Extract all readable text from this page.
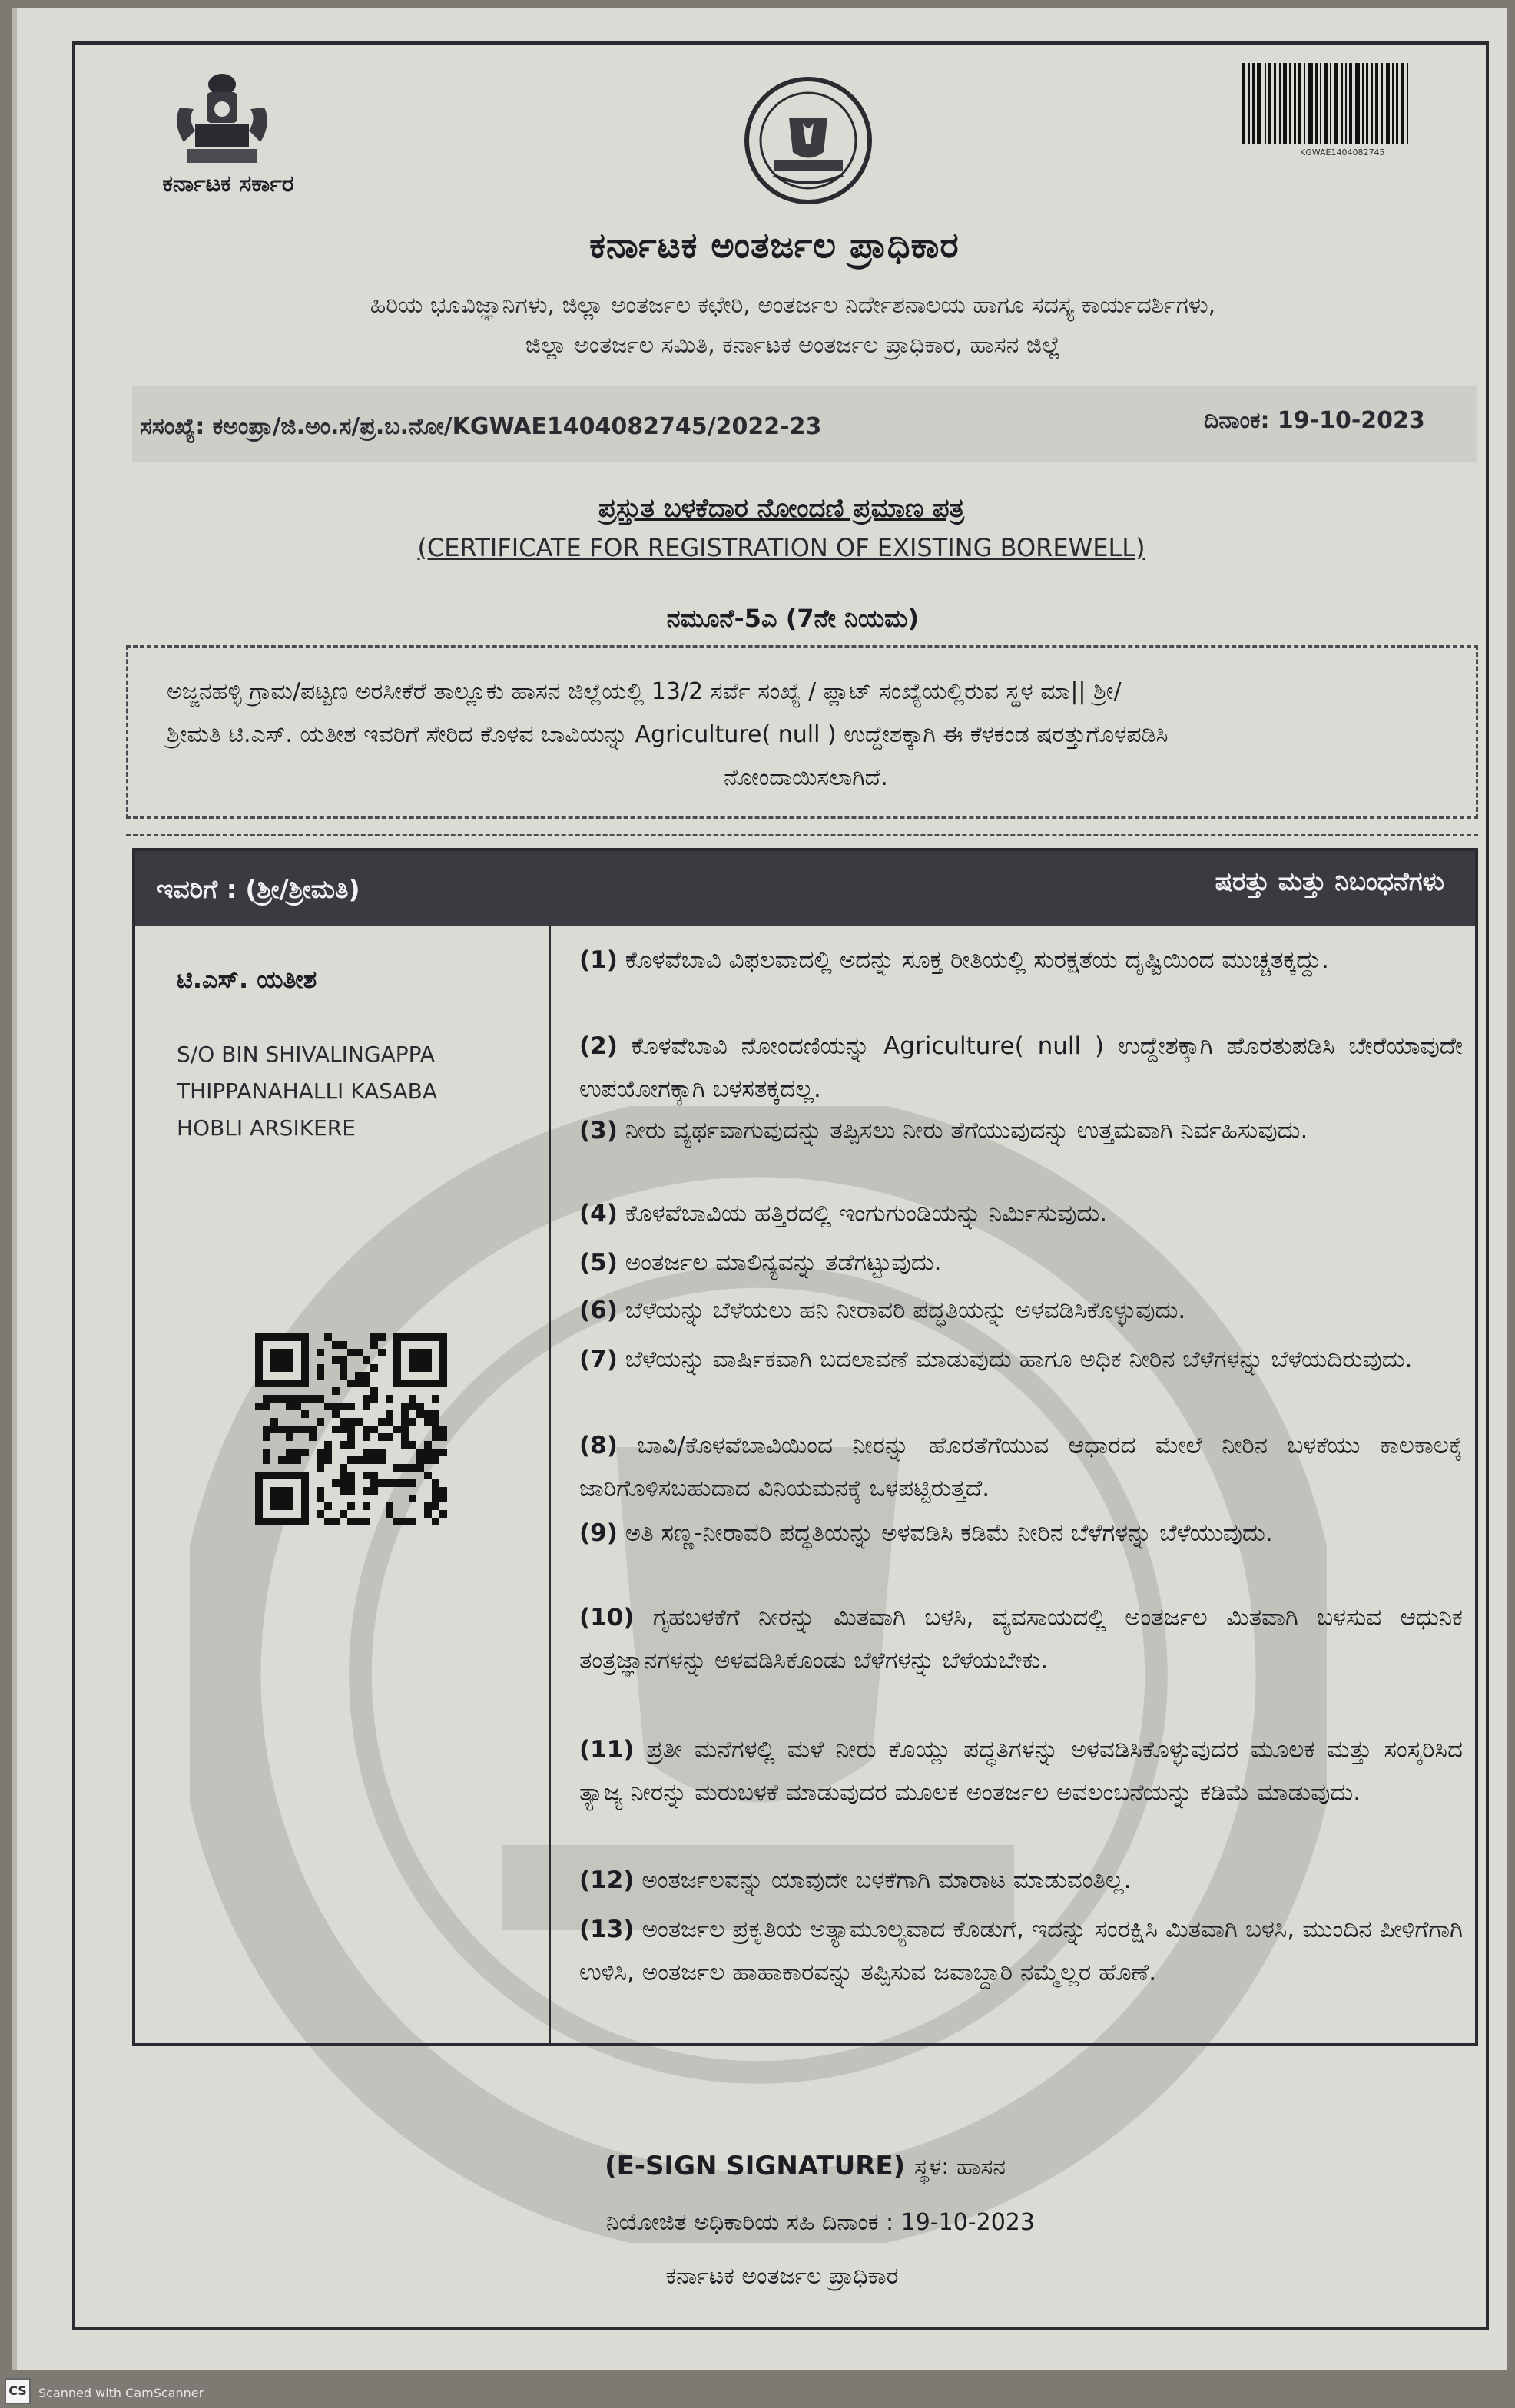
ಕರ್ನಾಟಕ ಸರ್ಕಾರ
KGWAE1404082745
ಕರ್ನಾಟಕ ಅಂತರ್ಜಲ ಪ್ರಾಧಿಕಾರ
ಹಿರಿಯ ಭೂವಿಜ್ಞಾನಿಗಳು, ಜಿಲ್ಲಾ ಅಂತರ್ಜಲ ಕಛೇರಿ, ಅಂತರ್ಜಲ ನಿರ್ದೇಶನಾಲಯ ಹಾಗೂ ಸದಸ್ಯ ಕಾರ್ಯದರ್ಶಿಗಳು,
ಜಿಲ್ಲಾ ಅಂತರ್ಜಲ ಸಮಿತಿ, ಕರ್ನಾಟಕ ಅಂತರ್ಜಲ ಪ್ರಾಧಿಕಾರ, ಹಾಸನ ಜಿಲ್ಲೆ
ಸಸಂಖ್ಯೆ: ಕಅಂಪ್ರಾ/ಜಿ.ಅಂ.ಸ/ಪ್ರ.ಬ.ನೋ/KGWAE1404082745/2022-23	ದಿನಾಂಕ: 19-10-2023
ಪ್ರಸ್ತುತ ಬಳಕೆದಾರ ನೋಂದಣಿ ಪ್ರಮಾಣ ಪತ್ರ
(CERTIFICATE FOR REGISTRATION OF EXISTING BOREWELL)
ನಮೂನೆ-5ಎ (7ನೇ ನಿಯಮ)
ಅಜ್ಜನಹಳ್ಳಿ ಗ್ರಾಮ/ಪಟ್ಟಣ ಅರಸೀಕೆರೆ ತಾಲ್ಲೂಕು ಹಾಸನ ಜಿಲ್ಲೆಯಲ್ಲಿ 13/2 ಸರ್ವೆ ಸಂಖ್ಯೆ / ಪ್ಲಾಟ್ ಸಂಖ್ಯೆಯಲ್ಲಿರುವ ಸ್ಥಳ ಮಾ|| ಶ್ರೀ/
ಶ್ರೀಮತಿ ಟಿ.ಎಸ್. ಯತೀಶ ಇವರಿಗೆ ಸೇರಿದ ಕೊಳವ ಬಾವಿಯನ್ನು Agriculture( null ) ಉದ್ದೇಶಕ್ಕಾಗಿ ಈ ಕೆಳಕಂಡ ಷರತ್ತುಗೊಳಪಡಿಸಿ
ನೋಂದಾಯಿಸಲಾಗಿದೆ.
ಇವರಿಗೆ : (ಶ್ರೀ/ಶ್ರೀಮತಿ)	ಷರತ್ತು ಮತ್ತು ನಿಬಂಧನೆಗಳು
ಟಿ.ಎಸ್. ಯತೀಶ
S/O BIN SHIVALINGAPPA
THIPPANAHALLI KASABA
HOBLI ARSIKERE
(1) ಕೊಳವೆಬಾವಿ ವಿಫಲವಾದಲ್ಲಿ ಅದನ್ನು ಸೂಕ್ತ ರೀತಿಯಲ್ಲಿ ಸುರಕ್ಷತೆಯ ದೃಷ್ಟಿಯಿಂದ ಮುಚ್ಚತಕ್ಕದ್ದು.
(2) ಕೊಳವೆಬಾವಿ ನೋಂದಣಿಯನ್ನು Agriculture( null ) ಉದ್ದೇಶಕ್ಕಾಗಿ ಹೊರತುಪಡಿಸಿ ಬೇರೆಯಾವುದೇ ಉಪಯೋಗಕ್ಕಾಗಿ ಬಳಸತಕ್ಕದಲ್ಲ.
(3) ನೀರು ವ್ಯರ್ಥವಾಗುವುದನ್ನು ತಪ್ಪಿಸಲು ನೀರು ತೆಗೆಯುವುದನ್ನು ಉತ್ತಮವಾಗಿ ನಿರ್ವಹಿಸುವುದು.
(4) ಕೊಳವೆಬಾವಿಯ ಹತ್ತಿರದಲ್ಲಿ ಇಂಗುಗುಂಡಿಯನ್ನು ನಿರ್ಮಿಸುವುದು.
(5) ಅಂತರ್ಜಲ ಮಾಲಿನ್ಯವನ್ನು ತಡೆಗಟ್ಟುವುದು.
(6) ಬೆಳೆಯನ್ನು ಬೆಳೆಯಲು ಹನಿ ನೀರಾವರಿ ಪದ್ಧತಿಯನ್ನು ಅಳವಡಿಸಿಕೊಳ್ಳುವುದು.
(7) ಬೆಳೆಯನ್ನು ವಾರ್ಷಿಕವಾಗಿ ಬದಲಾವಣೆ ಮಾಡುವುದು ಹಾಗೂ ಅಧಿಕ ನೀರಿನ ಬೆಳೆಗಳನ್ನು ಬೆಳೆಯದಿರುವುದು.
(8) ಬಾವಿ/ಕೊಳವೆಬಾವಿಯಿಂದ ನೀರನ್ನು ಹೊರತೆಗೆಯುವ ಆಧಾರದ ಮೇಲೆ ನೀರಿನ ಬಳಕೆಯು ಕಾಲಕಾಲಕ್ಕೆ ಜಾರಿಗೊಳಿಸಬಹುದಾದ ವಿನಿಯಮನಕ್ಕೆ ಒಳಪಟ್ಟಿರುತ್ತದೆ.
(9) ಅತಿ ಸಣ್ಣ-ನೀರಾವರಿ ಪದ್ಧತಿಯನ್ನು ಅಳವಡಿಸಿ ಕಡಿಮೆ ನೀರಿನ ಬೆಳೆಗಳನ್ನು ಬೆಳೆಯುವುದು.
(10) ಗೃಹಬಳಕೆಗೆ ನೀರನ್ನು ಮಿತವಾಗಿ ಬಳಸಿ, ವ್ಯವಸಾಯದಲ್ಲಿ ಅಂತರ್ಜಲ ಮಿತವಾಗಿ ಬಳಸುವ ಆಧುನಿಕ ತಂತ್ರಜ್ಞಾನಗಳನ್ನು ಅಳವಡಿಸಿಕೊಂಡು ಬೆಳೆಗಳನ್ನು ಬೆಳೆಯಬೇಕು.
(11) ಪ್ರತೀ ಮನೆಗಳಲ್ಲಿ ಮಳೆ ನೀರು ಕೊಯ್ಲು ಪದ್ಧತಿಗಳನ್ನು ಅಳವಡಿಸಿಕೊಳ್ಳುವುದರ ಮೂಲಕ ಮತ್ತು ಸಂಸ್ಕರಿಸಿದ ತ್ಯಾಜ್ಯ ನೀರನ್ನು ಮರುಬಳಕೆ ಮಾಡುವುದರ ಮೂಲಕ ಅಂತರ್ಜಲ ಅವಲಂಬನೆಯನ್ನು ಕಡಿಮೆ ಮಾಡುವುದು.
(12) ಅಂತರ್ಜಲವನ್ನು ಯಾವುದೇ ಬಳಕೆಗಾಗಿ ಮಾರಾಟ ಮಾಡುವಂತಿಲ್ಲ.
(13) ಅಂತರ್ಜಲ ಪ್ರಕೃತಿಯ ಅತ್ಯಾಮೂಲ್ಯವಾದ ಕೊಡುಗೆ, ಇದನ್ನು ಸಂರಕ್ಷಿಸಿ ಮಿತವಾಗಿ ಬಳಸಿ, ಮುಂದಿನ ಪೀಳಿಗೆಗಾಗಿ ಉಳಿಸಿ, ಅಂತರ್ಜಲ ಹಾಹಾಕಾರವನ್ನು ತಪ್ಪಿಸುವ ಜವಾಬ್ದಾರಿ ನಮ್ಮೆಲ್ಲರ ಹೊಣೆ.
(E-SIGN SIGNATURE) ಸ್ಥಳ: ಹಾಸನ
ನಿಯೋಜಿತ ಅಧಿಕಾರಿಯ ಸಹಿ ದಿನಾಂಕ : 19-10-2023
ಕರ್ನಾಟಕ ಅಂತರ್ಜಲ ಪ್ರಾಧಿಕಾರ
CS Scanned with CamScanner
